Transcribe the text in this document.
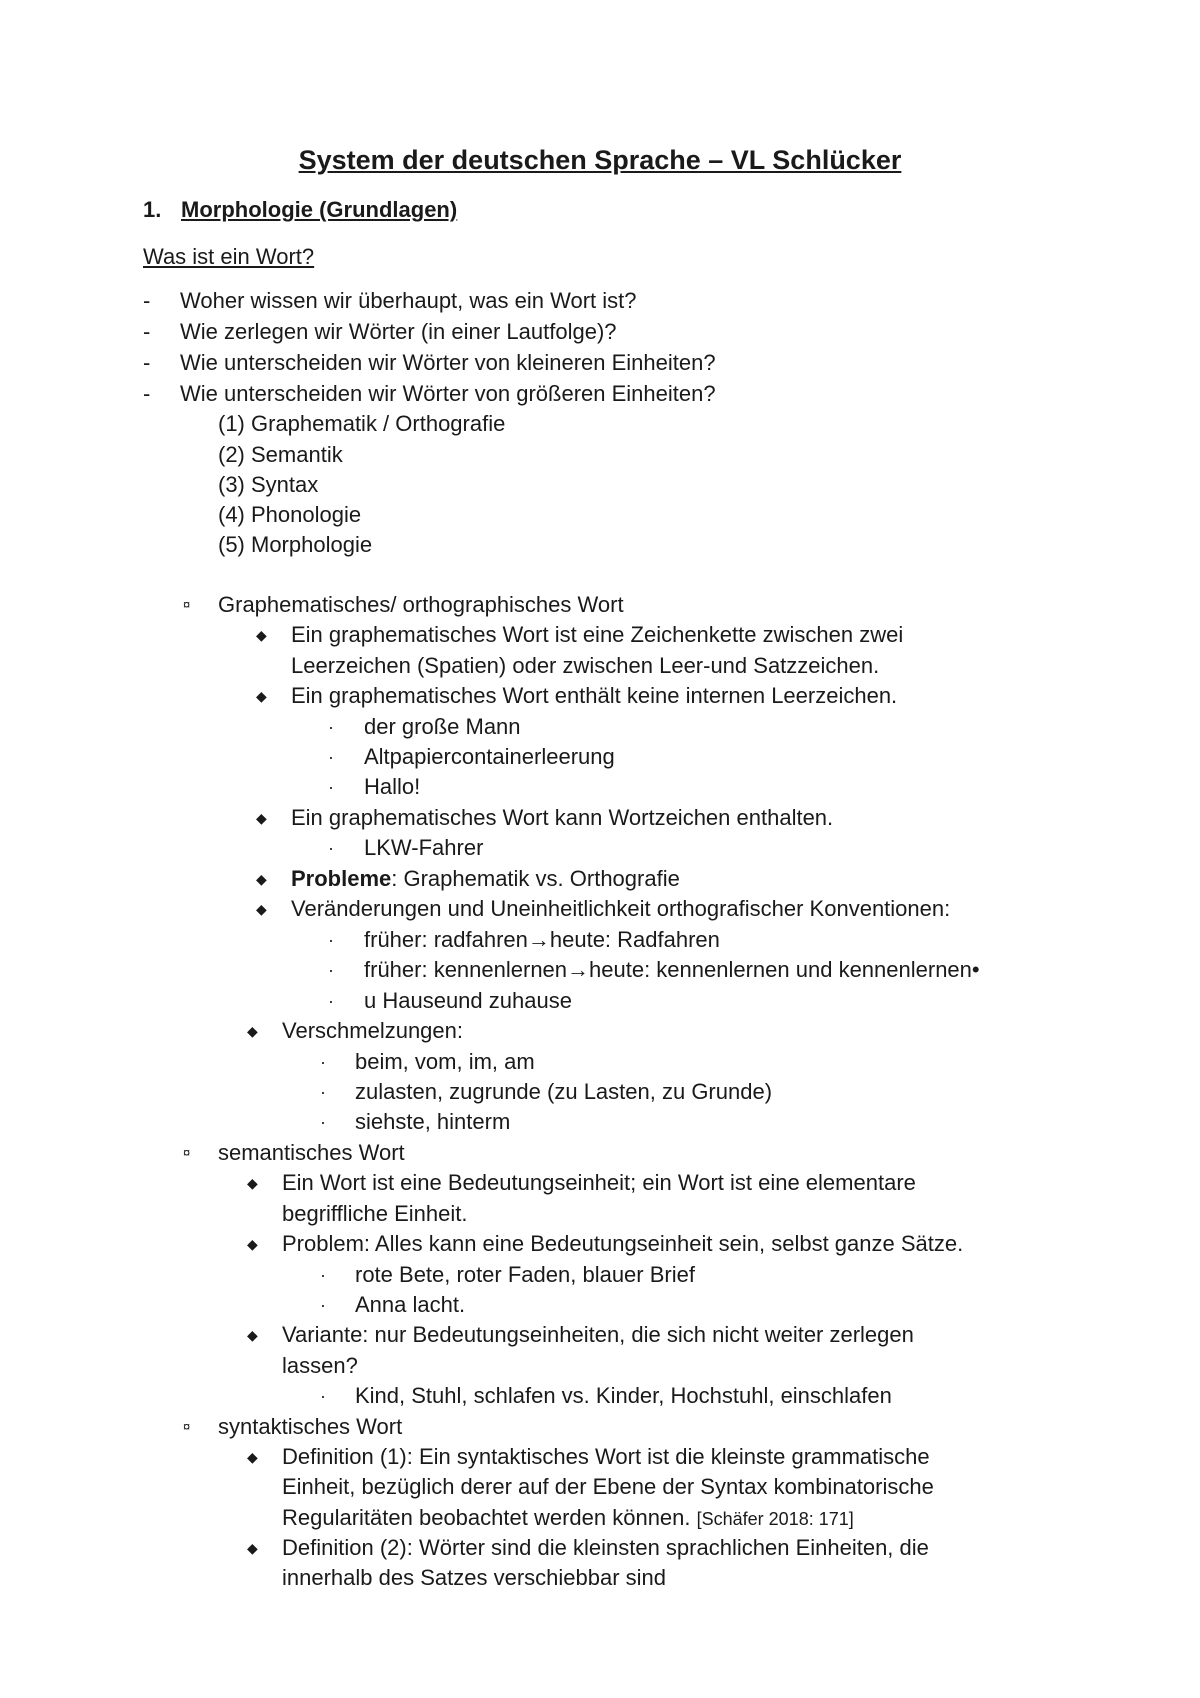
System der deutschen Sprache – VL Schlücker
1. Morphologie (Grundlagen)
Was ist ein Wort?
- Woher wissen wir überhaupt, was ein Wort ist?
- Wie zerlegen wir Wörter (in einer Lautfolge)?
- Wie unterscheiden wir Wörter von kleineren Einheiten?
- Wie unterscheiden wir Wörter von größeren Einheiten?
(1) Graphematik / Orthografie
(2) Semantik
(3) Syntax
(4) Phonologie
(5) Morphologie
¤ Graphematisches/ orthographisches Wort
◆ Ein graphematisches Wort ist eine Zeichenkette zwischen zwei
Leerzeichen (Spatien) oder zwischen Leer-und Satzzeichen.
◆ Ein graphematisches Wort enthält keine internen Leerzeichen.
· der große Mann
· Altpapiercontainerleerung
· Hallo!
◆ Ein graphematisches Wort kann Wortzeichen enthalten.
· LKW-Fahrer
◆ Probleme: Graphematik vs. Orthografie
◆ Veränderungen und Uneinheitlichkeit orthografischer Konventionen:
· früher: radfahren→heute: Radfahren
· früher: kennenlernen→heute: kennenlernen und kennenlernen•
· u Hauseund zuhause
◆ Verschmelzungen:
· beim, vom, im, am
· zulasten, zugrunde (zu Lasten, zu Grunde)
· siehste, hinterm
¤ semantisches Wort
◆ Ein Wort ist eine Bedeutungseinheit; ein Wort ist eine elementare
begriffliche Einheit.
◆ Problem: Alles kann eine Bedeutungseinheit sein, selbst ganze Sätze.
· rote Bete, roter Faden, blauer Brief
· Anna lacht.
◆ Variante: nur Bedeutungseinheiten, die sich nicht weiter zerlegen
lassen?
· Kind, Stuhl, schlafen vs. Kinder, Hochstuhl, einschlafen
¤ syntaktisches Wort
◆ Definition (1): Ein syntaktisches Wort ist die kleinste grammatische
Einheit, bezüglich derer auf der Ebene der Syntax kombinatorische
Regularitäten beobachtet werden können. [Schäfer 2018: 171]
◆ Definition (2): Wörter sind die kleinsten sprachlichen Einheiten, die
innerhalb des Satzes verschiebbar sind
